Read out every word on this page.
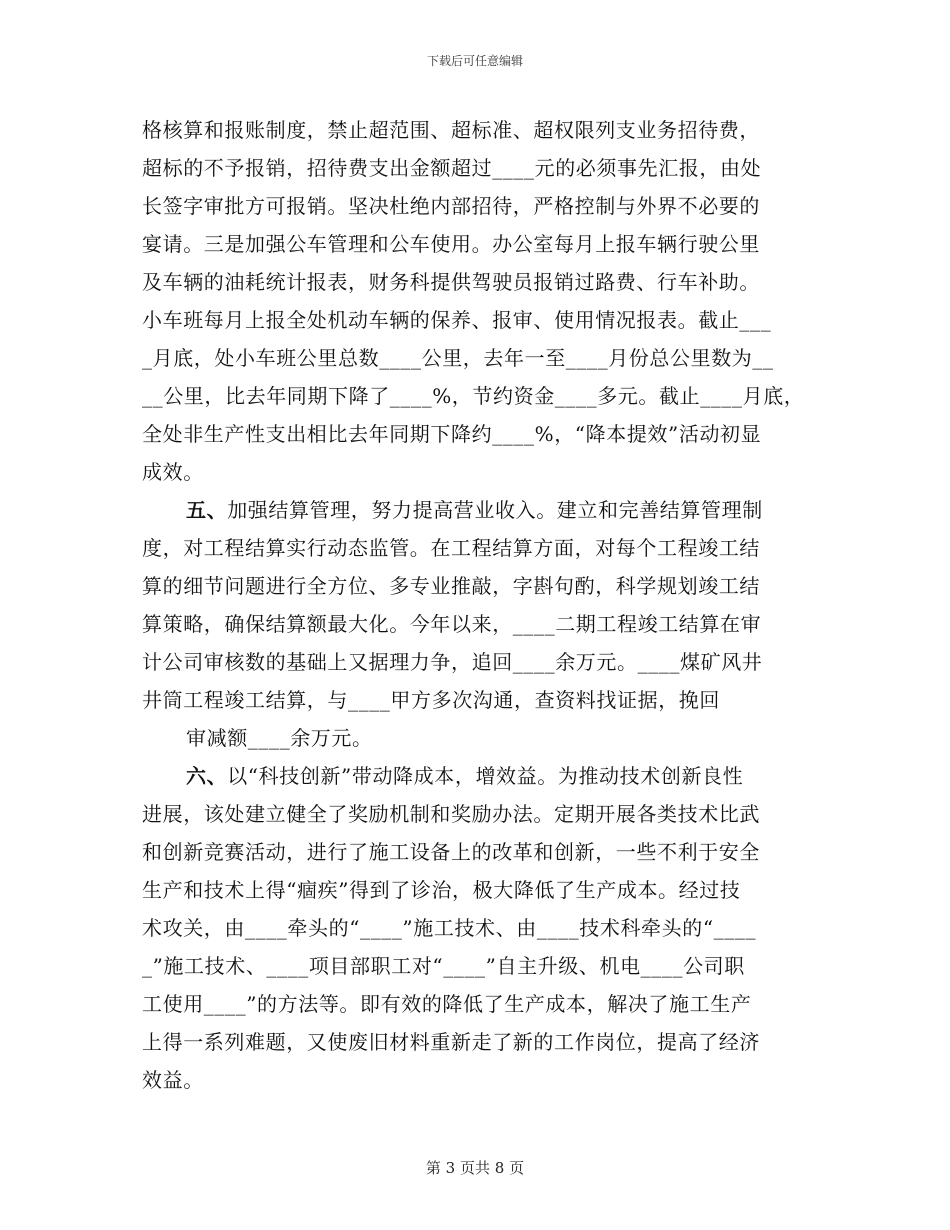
下载后可任意编辑
格核算和报账制度，禁止超范围、超标准、超权限列支业务招待费，
超标的不予报销，招待费支出金额超过____元的必须事先汇报，由处
长签字审批方可报销。坚决杜绝内部招待，严格控制与外界不必要的
宴请。三是加强公车管理和公车使用。办公室每月上报车辆行驶公里
及车辆的油耗统计报表，财务科提供驾驶员报销过路费、行车补助。
小车班每月上报全处机动车辆的保养、报审、使用情况报表。截止___
_月底，处小车班公里总数____公里，去年一至____月份总公里数为__
__公里，比去年同期下降了____%，节约资金____多元。截止____月底，
全处非生产性支出相比去年同期下降约____%，“降本提效”活动初显
成效。
五、加强结算管理，努力提高营业收入。建立和完善结算管理制
度，对工程结算实行动态监管。在工程结算方面，对每个工程竣工结
算的细节问题进行全方位、多专业推敲，字斟句酌，科学规划竣工结
算策略，确保结算额最大化。今年以来，____二期工程竣工结算在审
计公司审核数的基础上又据理力争，追回____余万元。____煤矿风井
井筒工程竣工结算，与____甲方多次沟通，查资料找证据，挽回
审减额____余万元。
六、以“科技创新”带动降成本，增效益。为推动技术创新良性
进展，该处建立健全了奖励机制和奖励办法。定期开展各类技术比武
和创新竞赛活动，进行了施工设备上的改革和创新，一些不利于安全
生产和技术上得“痼疾”得到了诊治，极大降低了生产成本。经过技
术攻关，由____牵头的“____”施工技术、由____技术科牵头的“____
_”施工技术、____项目部职工对“____”自主升级、机电____公司职
工使用____”的方法等。即有效的降低了生产成本，解决了施工生产
上得一系列难题，又使废旧材料重新走了新的工作岗位，提高了经济
效益。
第 3 页共 8 页
